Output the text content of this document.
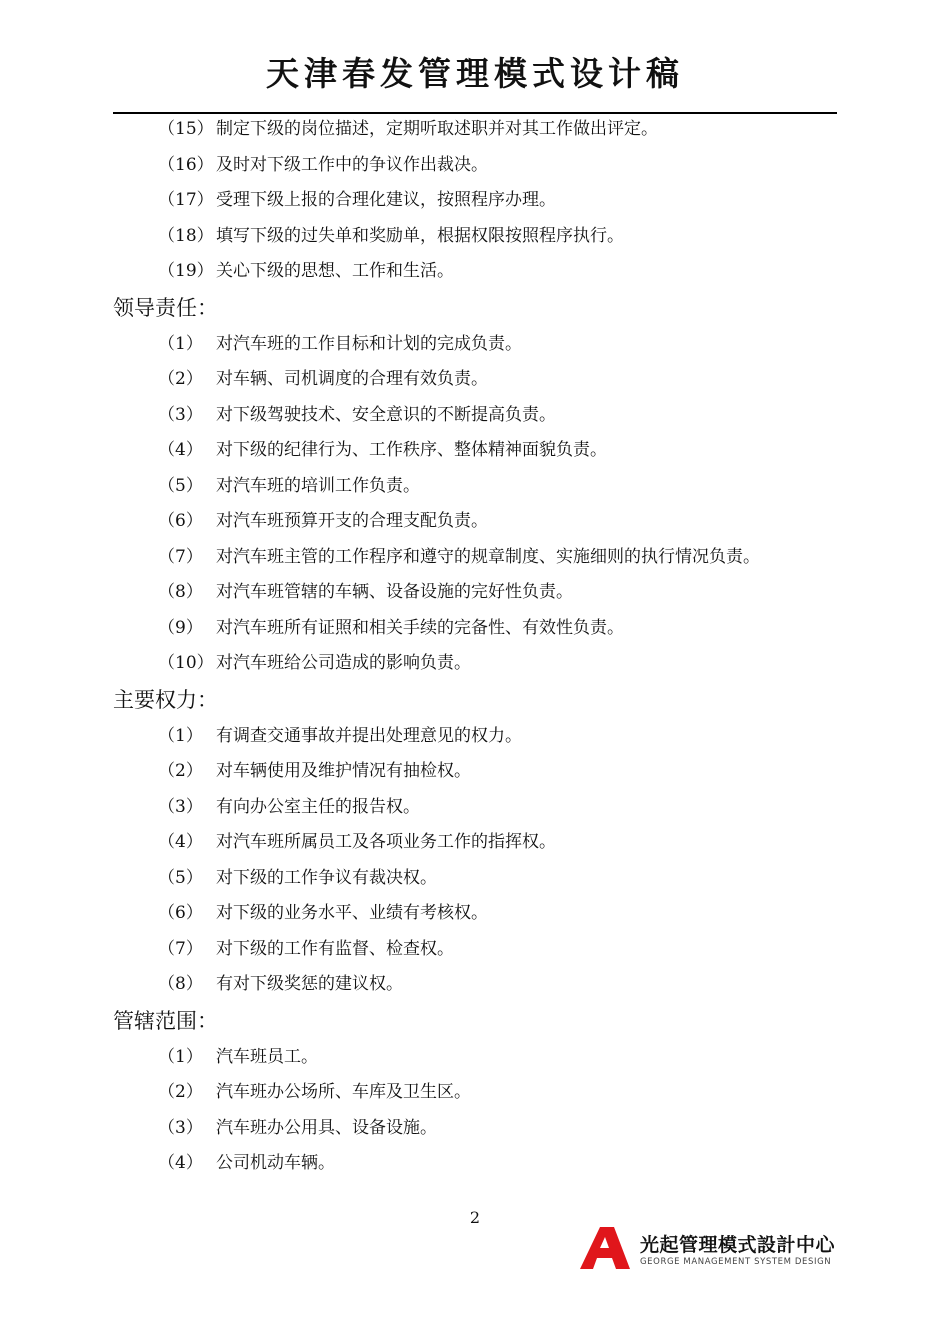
天津春发管理模式设计稿
（15） 制定下级的岗位描述，定期听取述职并对其工作做出评定。
（16） 及时对下级工作中的争议作出裁决。
（17） 受理下级上报的合理化建议，按照程序办理。
（18） 填写下级的过失单和奖励单，根据权限按照程序执行。
（19） 关心下级的思想、工作和生活。
领导责任：
（1） 对汽车班的工作目标和计划的完成负责。
（2） 对车辆、司机调度的合理有效负责。
（3） 对下级驾驶技术、安全意识的不断提高负责。
（4） 对下级的纪律行为、工作秩序、整体精神面貌负责。
（5） 对汽车班的培训工作负责。
（6） 对汽车班预算开支的合理支配负责。
（7） 对汽车班主管的工作程序和遵守的规章制度、实施细则的执行情况负责。
（8） 对汽车班管辖的车辆、设备设施的完好性负责。
（9） 对汽车班所有证照和相关手续的完备性、有效性负责。
（10） 对汽车班给公司造成的影响负责。
主要权力：
（1） 有调查交通事故并提出处理意见的权力。
（2） 对车辆使用及维护情况有抽检权。
（3） 有向办公室主任的报告权。
（4） 对汽车班所属员工及各项业务工作的指挥权。
（5） 对下级的工作争议有裁决权。
（6） 对下级的业务水平、业绩有考核权。
（7） 对下级的工作有监督、检查权。
（8） 有对下级奖惩的建议权。
管辖范围：
（1） 汽车班员工。
（2） 汽车班办公场所、车库及卫生区。
（3） 汽车班办公用具、设备设施。
（4） 公司机动车辆。
2
光起管理模式設計中心
GEORGE MANAGEMENT SYSTEM DESIGN
